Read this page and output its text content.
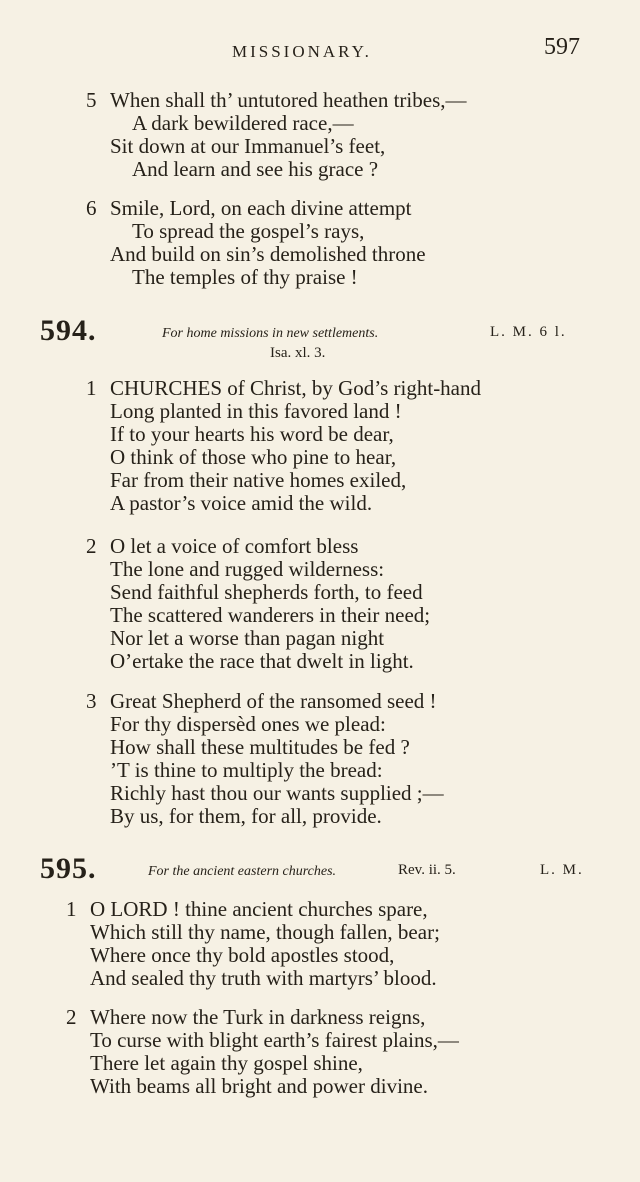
MISSIONARY.	597
5 When shall th’ untutored heathen tribes,—
A dark bewildered race,—
Sit down at our Immanuel’s feet,
And learn and see his grace ?
6 Smile, Lord, on each divine attempt
To spread the gospel’s rays,
And build on sin’s demolished throne
The temples of thy praise !
594.	For home missions in new settlements.	L. M. 6 l.
Isa. xl. 3.
1 CHURCHES of Christ, by God’s right-hand
Long planted in this favored land !
If to your hearts his word be dear,
O think of those who pine to hear,
Far from their native homes exiled,
A pastor’s voice amid the wild.
2 O let a voice of comfort bless
The lone and rugged wilderness:
Send faithful shepherds forth, to feed
The scattered wanderers in their need;
Nor let a worse than pagan night
O’ertake the race that dwelt in light.
3 Great Shepherd of the ransomed seed !
For thy dispersèd ones we plead:
How shall these multitudes be fed ?
’T is thine to multiply the bread:
Richly hast thou our wants supplied ;—
By us, for them, for all, provide.
595.	For the ancient eastern churches.	Rev. ii. 5.	L. M.
1 O LORD ! thine ancient churches spare,
Which still thy name, though fallen, bear;
Where once thy bold apostles stood,
And sealed thy truth with martyrs’ blood.
2 Where now the Turk in darkness reigns,
To curse with blight earth’s fairest plains,—
There let again thy gospel shine,
With beams all bright and power divine.
